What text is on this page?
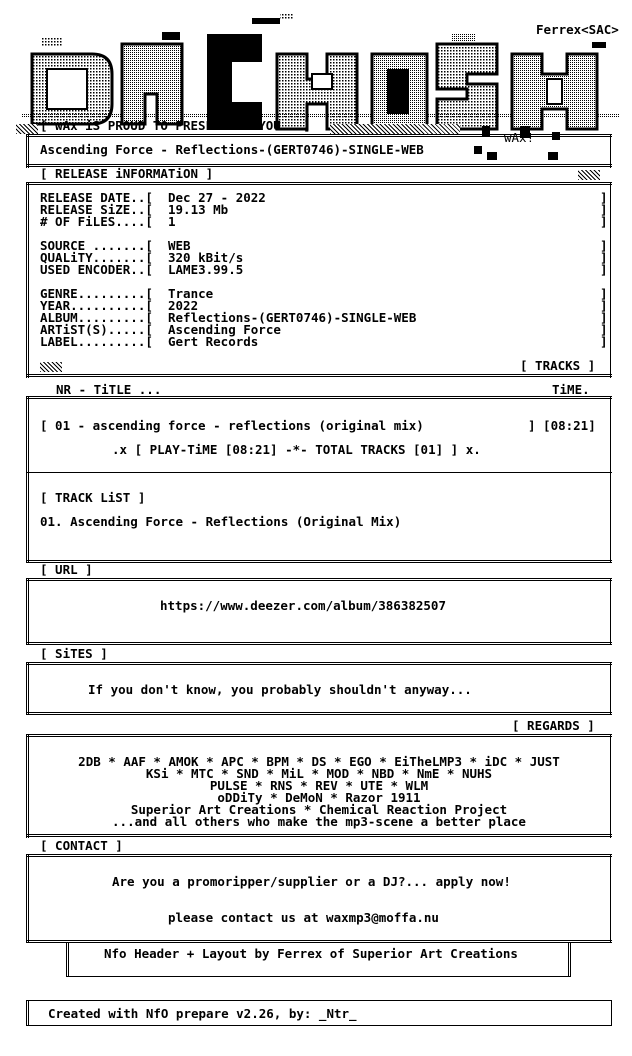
Ferrex<SAC>
[ wAx iS PROUD TO PRESENT TO YOU ..]
wAx!
Ascending Force - Reflections-(GERT0746)-SINGLE-WEB
[ RELEASE iNFORMATiON ]
RELEASE DATE..[ Dec 27 - 2022
RELEASE SiZE..[ 19.13 Mb
# OF FiLES....[ 1
SOURCE .......[ WEB
QUALiTY.......[ 320 kBit/s
USED ENCODER..[ LAME3.99.5
GENRE.........[ Trance
YEAR..........[ 2022
ALBUM.........[ Reflections-(GERT0746)-SINGLE-WEB
ARTiST(S).....[ Ascending Force
LABEL.........[ Gert Records
]
]
]

]
]
]

]
]
]
]
]
[ TRACKS ]
NR - TiTLE ...	TiME.
[ 01 - ascending force - reflections (original mix)	] [08:21]
.x [ PLAY-TiME [08:21] -*- TOTAL TRACKS [01] ] x.
[ TRACK LiST ]
01. Ascending Force - Reflections (Original Mix)
[ URL ]
https://www.deezer.com/album/386382507
[ SiTES ]
If you don't know, you probably shouldn't anyway...
[ REGARDS ]
2DB * AAF * AMOK * APC * BPM * DS * EGO * EiTheLMP3 * iDC * JUST
KSi * MTC * SND * MiL * MOD * NBD * NmE * NUHS
PULSE * RNS * REV * UTE * WLM
oDDiTy * DeMoN * Razor 1911
Superior Art Creations * Chemical Reaction Project
...and all others who make the mp3-scene a better place
[ CONTACT ]
Are you a promoripper/supplier or a DJ?... apply now!
please contact us at waxmp3@moffa.nu
Nfo Header + Layout by Ferrex of Superior Art Creations
Created with NfO prepare v2.26, by: _Ntr_
